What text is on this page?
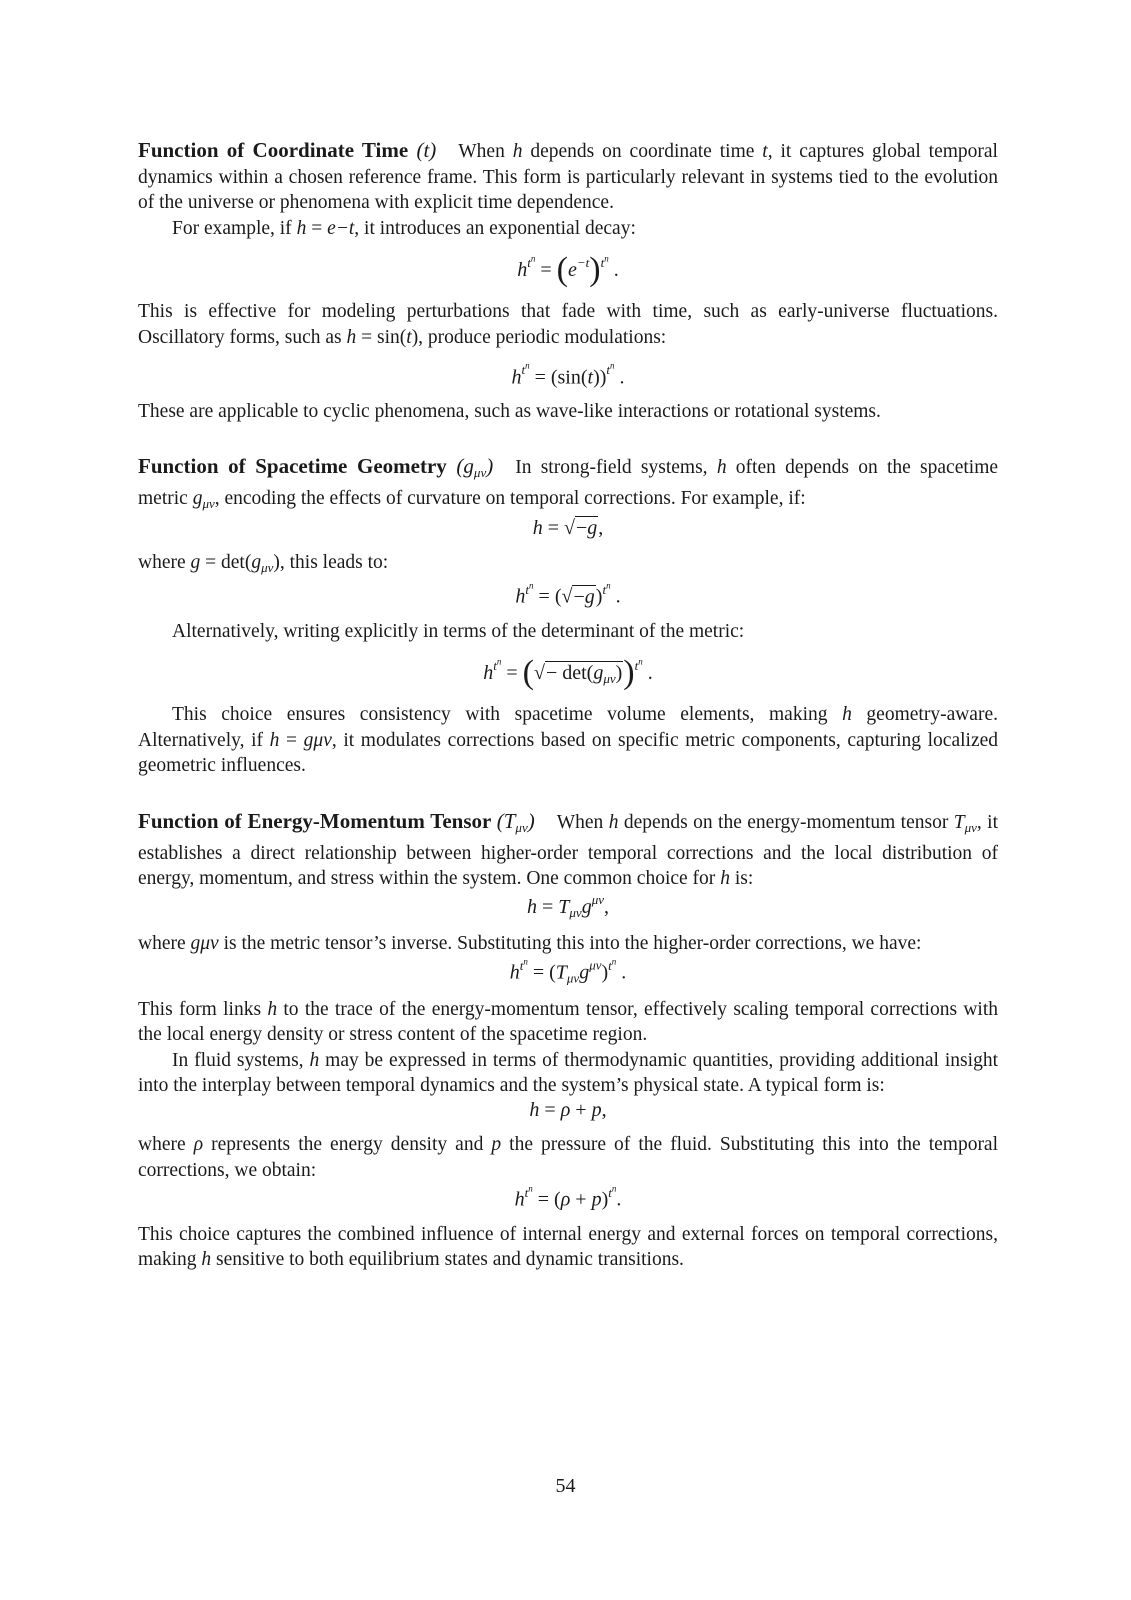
Function of Coordinate Time (t) When h depends on coordinate time t, it captures global temporal dynamics within a chosen reference frame. This form is particularly relevant in systems tied to the evolution of the universe or phenomena with explicit time dependence.

For example, if h = e−t, it introduces an exponential decay:

$h^{t^n} = (e^{-t})^{t^n}$ .

This is effective for modeling perturbations that fade with time, such as early-universe fluctuations. Oscillatory forms, such as h = sin(t), produce periodic modulations:

$h^{t^n} = (\sin(t))^{t^n}$ .

These are applicable to cyclic phenomena, such as wave-like interactions or rotational systems.

Function of Spacetime Geometry $(g_{\mu\nu})$ In strong-field systems, h often depends on the spacetime metric $g_{\mu\nu}$, encoding the effects of curvature on temporal corrections. For example, if:

h = √−g,

where $g = \det(g_{\mu\nu})$, this leads to:

$h^{t^n} = (√-g)^{t^n}$ .

Alternatively, writing explicitly in terms of the determinant of the metric:

$h^{t^n}$ = (√− $\det(g_{\mu\nu}))^{t^n}$ .

This choice ensures consistency with spacetime volume elements, making h geometry-aware. Alternatively, if h = gμν, it modulates corrections based on specific metric components, capturing localized geometric influences.

Function of Energy-Momentum Tensor $(T_{\mu\nu})$ When h depends on the energy-momentum tensor $T_{\mu\nu}$, it establishes a direct relationship between higher-order temporal corrections and the local distribution of energy, momentum, and stress within the system. One common choice for h is:

$h = T_{\mu\nu}g^{\mu\nu}$,

where gμν is the metric tensor’s inverse. Substituting this into the higher-order corrections, we have:

$h^{t^n} = (T_{\mu\nu}g^{\mu\nu})^{t^n}$ .

This form links h to the trace of the energy-momentum tensor, effectively scaling temporal corrections with the local energy density or stress content of the spacetime region.

In fluid systems, h may be expressed in terms of thermodynamic quantities, providing additional insight into the interplay between temporal dynamics and the system’s physical state. A typical form is:

h = ρ + p,

where ρ represents the energy density and p the pressure of the fluid. Substituting this into the temporal corrections, we obtain:

$h^{t^n} = (\rho + p)^{t^n}$.

This choice captures the combined influence of internal energy and external forces on temporal corrections, making h sensitive to both equilibrium states and dynamic transitions.

54
